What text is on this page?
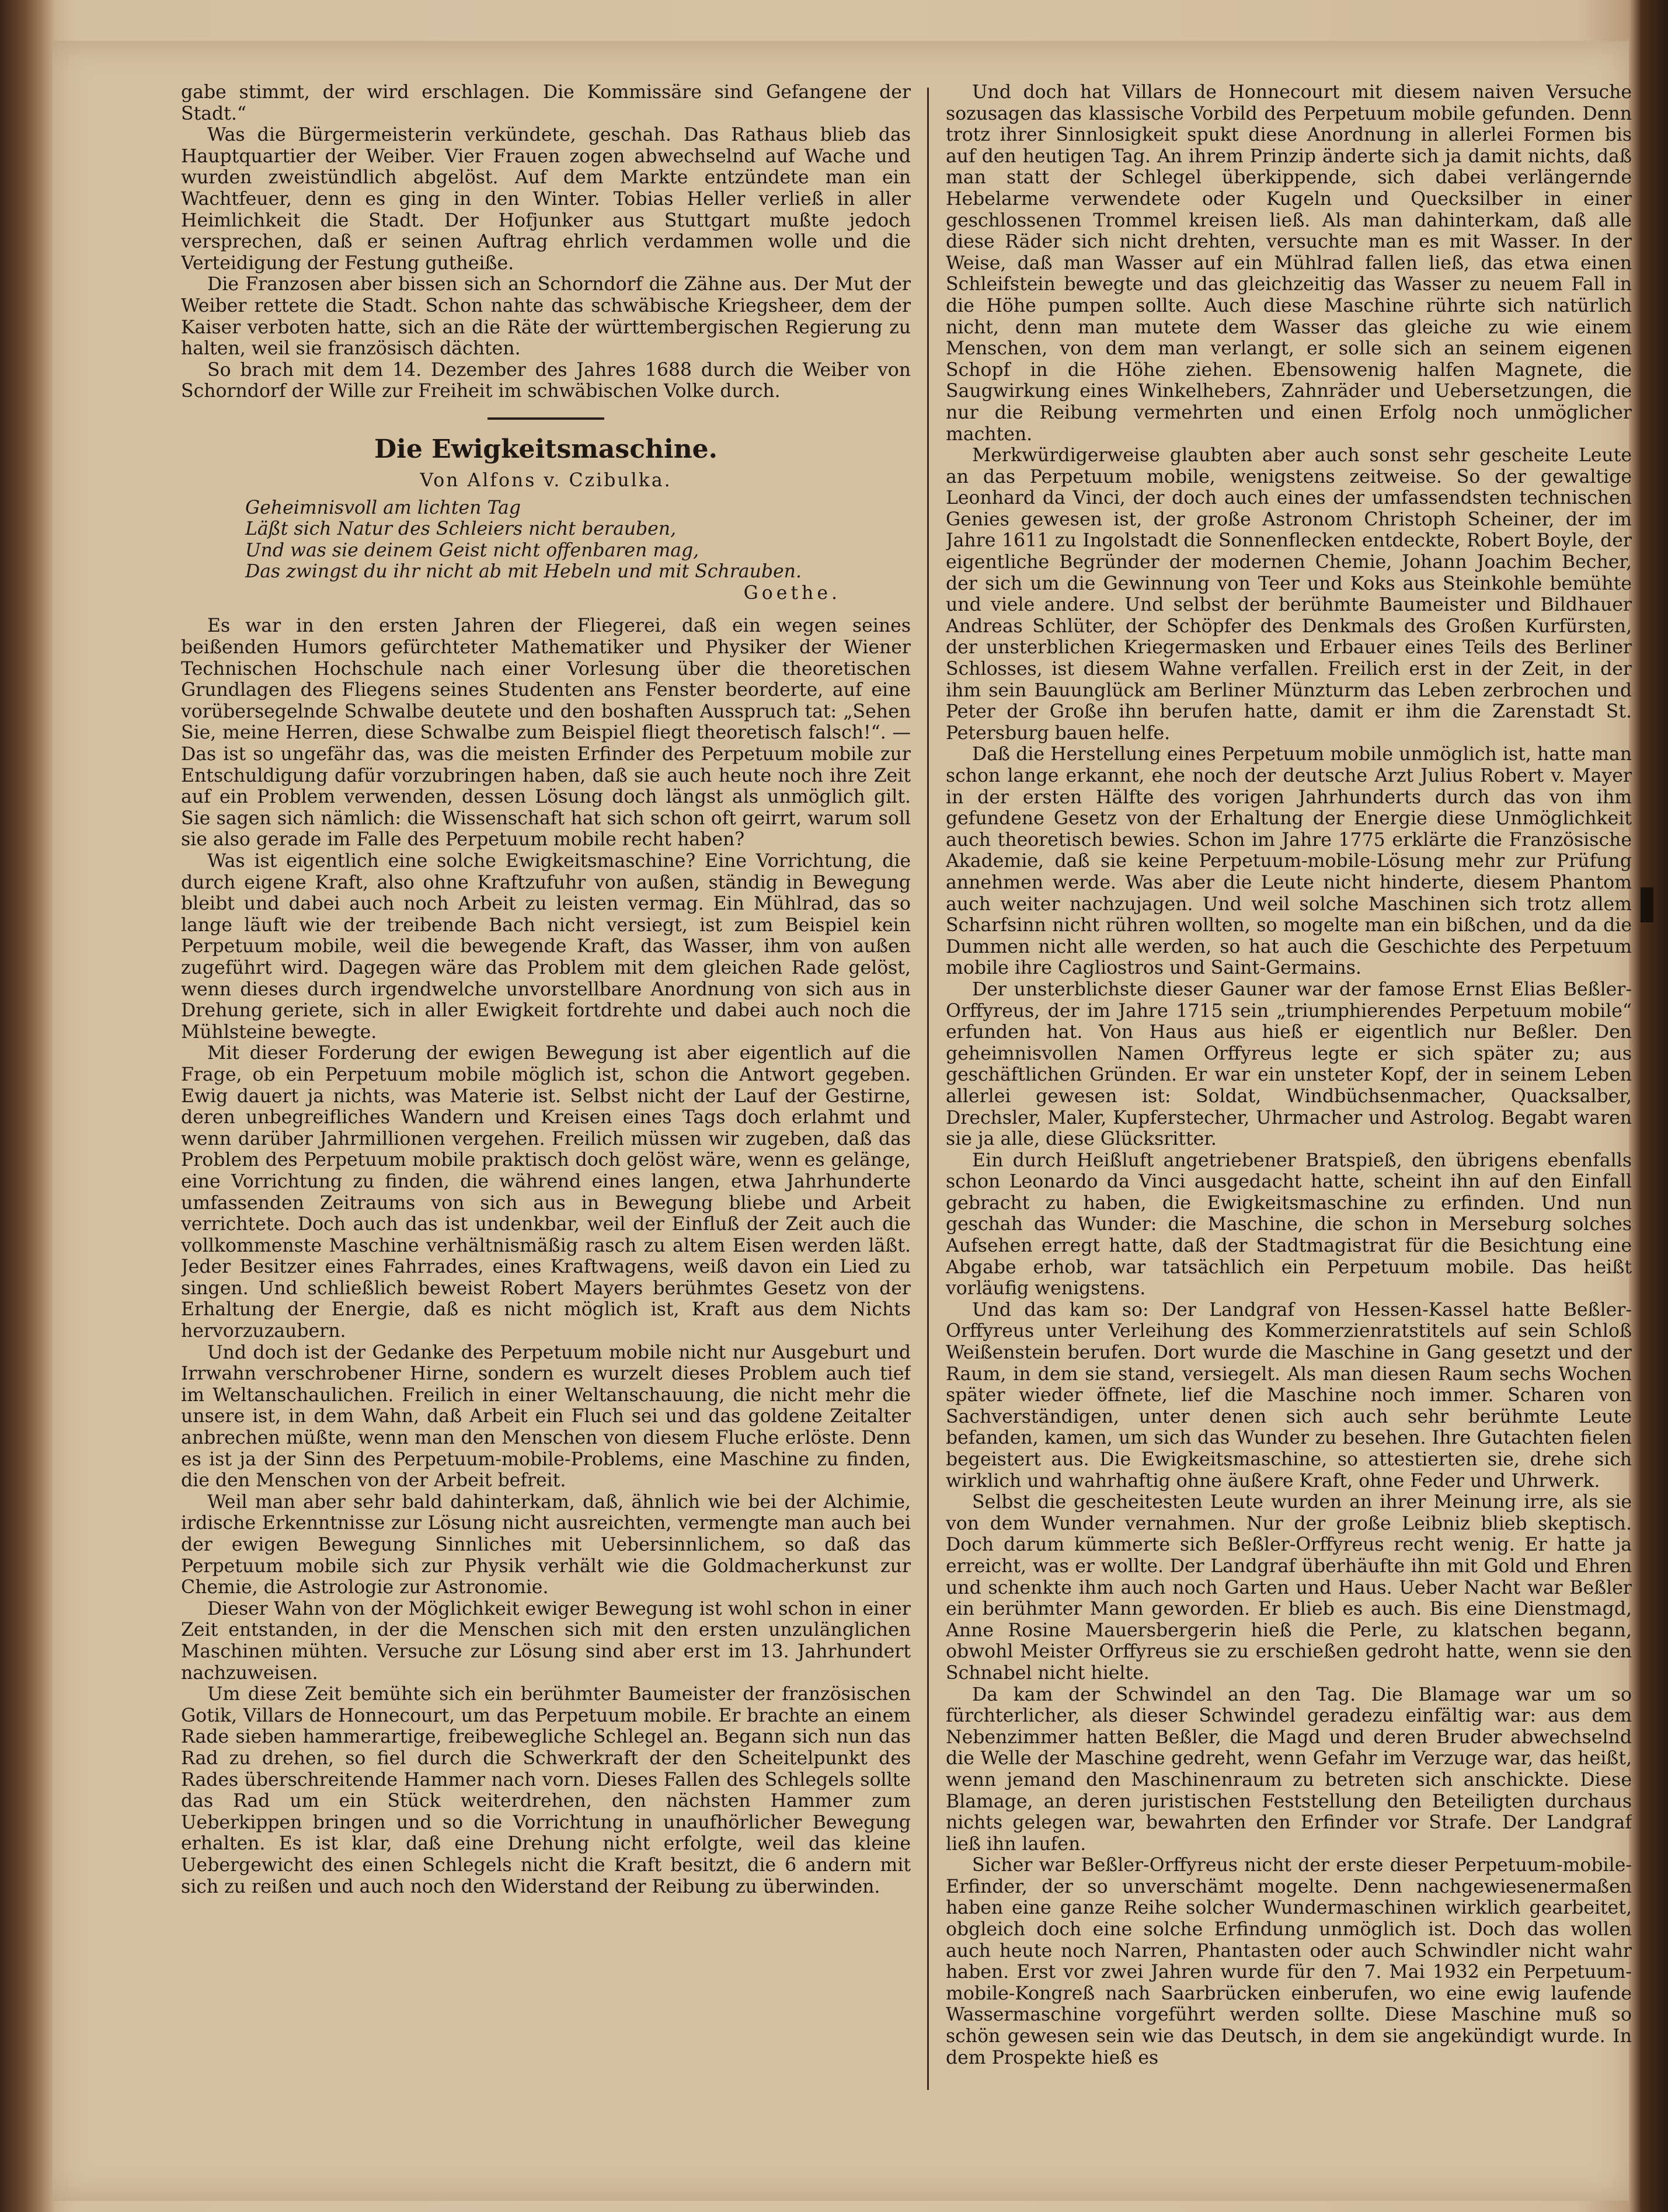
gabe stimmt, der wird erschlagen. Die Kommissäre sind Gefangene der Stadt.“

Was die Bürgermeisterin verkündete, geschah. Das Rathaus blieb das Hauptquartier der Weiber. Vier Frauen zogen abwechselnd auf Wache und wurden zweistündlich abgelöst. Auf dem Markte entzündete man ein Wachtfeuer, denn es ging in den Winter. Tobias Heller verließ in aller Heimlichkeit die Stadt. Der Hofjunker aus Stuttgart mußte jedoch versprechen, daß er seinen Auftrag ehrlich verdammen wolle und die Verteidigung der Festung gutheiße.

Die Franzosen aber bissen sich an Schorndorf die Zähne aus. Der Mut der Weiber rettete die Stadt. Schon nahte das schwäbische Kriegsheer, dem der Kaiser verboten hatte, sich an die Räte der württembergischen Regierung zu halten, weil sie französisch dächten.

So brach mit dem 14. Dezember des Jahres 1688 durch die Weiber von Schorndorf der Wille zur Freiheit im schwäbischen Volke durch.

Die Ewigkeitsmaschine.
Von Alfons v. Czibulka.
Geheimnisvoll am lichten Tag
Läßt sich Natur des Schleiers nicht berauben,
Und was sie deinem Geist nicht offenbaren mag,
Das zwingst du ihr nicht ab mit Hebeln und mit Schrauben.
Goethe.

Es war in den ersten Jahren der Fliegerei, daß ein wegen seines beißenden Humors gefürchteter Mathematiker und Physiker der Wiener Technischen Hochschule nach einer Vorlesung über die theoretischen Grundlagen des Fliegens seines Studenten ans Fenster beorderte, auf eine vorübersegelnde Schwalbe deutete und den boshaften Ausspruch tat: „Sehen Sie, meine Herren, diese Schwalbe zum Beispiel fliegt theoretisch falsch!“. — Das ist so ungefähr das, was die meisten Erfinder des Perpetuum mobile zur Entschuldigung dafür vorzubringen haben, daß sie auch heute noch ihre Zeit auf ein Problem verwenden, dessen Lösung doch längst als unmöglich gilt. Sie sagen sich nämlich: die Wissenschaft hat sich schon oft geirrt, warum soll sie also gerade im Falle des Perpetuum mobile recht haben?

Was ist eigentlich eine solche Ewigkeitsmaschine? Eine Vorrichtung, die durch eigene Kraft, also ohne Kraftzufuhr von außen, ständig in Bewegung bleibt und dabei auch noch Arbeit zu leisten vermag. Ein Mühlrad, das so lange läuft wie der treibende Bach nicht versiegt, ist zum Beispiel kein Perpetuum mobile, weil die bewegende Kraft, das Wasser, ihm von außen zugeführt wird. Dagegen wäre das Problem mit dem gleichen Rade gelöst, wenn dieses durch irgendwelche unvorstellbare Anordnung von sich aus in Drehung geriete, sich in aller Ewigkeit fortdrehte und dabei auch noch die Mühlsteine bewegte.

Mit dieser Forderung der ewigen Bewegung ist aber eigentlich auf die Frage, ob ein Perpetuum mobile möglich ist, schon die Antwort gegeben. Ewig dauert ja nichts, was Materie ist. Selbst nicht der Lauf der Gestirne, deren unbegreifliches Wandern und Kreisen eines Tags doch erlahmt und wenn darüber Jahrmillionen vergehen. Freilich müssen wir zugeben, daß das Problem des Perpetuum mobile praktisch doch gelöst wäre, wenn es gelänge, eine Vorrichtung zu finden, die während eines langen, etwa Jahrhunderte umfassenden Zeitraums von sich aus in Bewegung bliebe und Arbeit verrichtete. Doch auch das ist undenkbar, weil der Einfluß der Zeit auch die vollkommenste Maschine verhältnismäßig rasch zu altem Eisen werden läßt. Jeder Besitzer eines Fahrrades, eines Kraftwagens, weiß davon ein Lied zu singen. Und schließlich beweist Robert Mayers berühmtes Gesetz von der Erhaltung der Energie, daß es nicht möglich ist, Kraft aus dem Nichts hervorzuzaubern.

Und doch ist der Gedanke des Perpetuum mobile nicht nur Ausgeburt und Irrwahn verschrobener Hirne, sondern es wurzelt dieses Problem auch tief im Weltanschaulichen. Freilich in einer Weltanschauung, die nicht mehr die unsere ist, in dem Wahn, daß Arbeit ein Fluch sei und das goldene Zeitalter anbrechen müßte, wenn man den Menschen von diesem Fluche erlöste. Denn es ist ja der Sinn des Perpetuum-mobile-Problems, eine Maschine zu finden, die den Menschen von der Arbeit befreit.

Weil man aber sehr bald dahinterkam, daß, ähnlich wie bei der Alchimie, irdische Erkenntnisse zur Lösung nicht ausreichten, vermengte man auch bei der ewigen Bewegung Sinnliches mit Uebersinnlichem, so daß das Perpetuum mobile sich zur Physik verhält wie die Goldmacherkunst zur Chemie, die Astrologie zur Astronomie.

Dieser Wahn von der Möglichkeit ewiger Bewegung ist wohl schon in einer Zeit entstanden, in der die Menschen sich mit den ersten unzulänglichen Maschinen mühten. Versuche zur Lösung sind aber erst im 13. Jahrhundert nachzuweisen.

Um diese Zeit bemühte sich ein berühmter Baumeister der französischen Gotik, Villars de Honnecourt, um das Perpetuum mobile. Er brachte an einem Rade sieben hammerartige, freibewegliche Schlegel an. Begann sich nun das Rad zu drehen, so fiel durch die Schwerkraft der den Scheitelpunkt des Rades überschreitende Hammer nach vorn. Dieses Fallen des Schlegels sollte das Rad um ein Stück weiterdrehen, den nächsten Hammer zum Ueberkippen bringen und so die Vorrichtung in unaufhörlicher Bewegung erhalten. Es ist klar, daß eine Drehung nicht erfolgte, weil das kleine Uebergewicht des einen Schlegels nicht die Kraft besitzt, die 6 andern mit sich zu reißen und auch noch den Widerstand der Reibung zu überwinden.

Und doch hat Villars de Honnecourt mit diesem naiven Versuche sozusagen das klassische Vorbild des Perpetuum mobile gefunden. Denn trotz ihrer Sinnlosigkeit spukt diese Anordnung in allerlei Formen bis auf den heutigen Tag. An ihrem Prinzip änderte sich ja damit nichts, daß man statt der Schlegel überkippende, sich dabei verlängernde Hebelarme verwendete oder Kugeln und Quecksilber in einer geschlossenen Trommel kreisen ließ. Als man dahinterkam, daß alle diese Räder sich nicht drehten, versuchte man es mit Wasser. In der Weise, daß man Wasser auf ein Mühlrad fallen ließ, das etwa einen Schleifstein bewegte und das gleichzeitig das Wasser zu neuem Fall in die Höhe pumpen sollte. Auch diese Maschine rührte sich natürlich nicht, denn man mutete dem Wasser das gleiche zu wie einem Menschen, von dem man verlangt, er solle sich an seinem eigenen Schopf in die Höhe ziehen. Ebensowenig halfen Magnete, die Saugwirkung eines Winkelhebers, Zahnräder und Uebersetzungen, die nur die Reibung vermehrten und einen Erfolg noch unmöglicher machten.

Merkwürdigerweise glaubten aber auch sonst sehr gescheite Leute an das Perpetuum mobile, wenigstens zeitweise. So der gewaltige Leonhard da Vinci, der doch auch eines der umfassendsten technischen Genies gewesen ist, der große Astronom Christoph Scheiner, der im Jahre 1611 zu Ingolstadt die Sonnenflecken entdeckte, Robert Boyle, der eigentliche Begründer der modernen Chemie, Johann Joachim Becher, der sich um die Gewinnung von Teer und Koks aus Steinkohle bemühte und viele andere. Und selbst der berühmte Baumeister und Bildhauer Andreas Schlüter, der Schöpfer des Denkmals des Großen Kurfürsten, der unsterblichen Kriegermasken und Erbauer eines Teils des Berliner Schlosses, ist diesem Wahne verfallen. Freilich erst in der Zeit, in der ihm sein Bauunglück am Berliner Münzturm das Leben zerbrochen und Peter der Große ihn berufen hatte, damit er ihm die Zarenstadt St. Petersburg bauen helfe.

Daß die Herstellung eines Perpetuum mobile unmöglich ist, hatte man schon lange erkannt, ehe noch der deutsche Arzt Julius Robert v. Mayer in der ersten Hälfte des vorigen Jahrhunderts durch das von ihm gefundene Gesetz von der Erhaltung der Energie diese Unmöglichkeit auch theoretisch bewies. Schon im Jahre 1775 erklärte die Französische Akademie, daß sie keine Perpetuum-mobile-Lösung mehr zur Prüfung annehmen werde. Was aber die Leute nicht hinderte, diesem Phantom auch weiter nachzujagen. Und weil solche Maschinen sich trotz allem Scharfsinn nicht rühren wollten, so mogelte man ein bißchen, und da die Dummen nicht alle werden, so hat auch die Geschichte des Perpetuum mobile ihre Cagliostros und Saint-Germains.

Der unsterblichste dieser Gauner war der famose Ernst Elias Beßler-Orffyreus, der im Jahre 1715 sein „triumphierendes Perpetuum mobile“ erfunden hat. Von Haus aus hieß er eigentlich nur Beßler. Den geheimnisvollen Namen Orffyreus legte er sich später zu; aus geschäftlichen Gründen. Er war ein unsteter Kopf, der in seinem Leben allerlei gewesen ist: Soldat, Windbüchsenmacher, Quacksalber, Drechsler, Maler, Kupferstecher, Uhrmacher und Astrolog. Begabt waren sie ja alle, diese Glücksritter.

Ein durch Heißluft angetriebener Bratspieß, den übrigens ebenfalls schon Leonardo da Vinci ausgedacht hatte, scheint ihn auf den Einfall gebracht zu haben, die Ewigkeitsmaschine zu erfinden. Und nun geschah das Wunder: die Maschine, die schon in Merseburg solches Aufsehen erregt hatte, daß der Stadtmagistrat für die Besichtung eine Abgabe erhob, war tatsächlich ein Perpetuum mobile. Das heißt vorläufig wenigstens.

Und das kam so: Der Landgraf von Hessen-Kassel hatte Beßler-Orffyreus unter Verleihung des Kommerzienratstitels auf sein Schloß Weißenstein berufen. Dort wurde die Maschine in Gang gesetzt und der Raum, in dem sie stand, versiegelt. Als man diesen Raum sechs Wochen später wieder öffnete, lief die Maschine noch immer. Scharen von Sachverständigen, unter denen sich auch sehr berühmte Leute befanden, kamen, um sich das Wunder zu besehen. Ihre Gutachten fielen begeistert aus. Die Ewigkeitsmaschine, so attestierten sie, drehe sich wirklich und wahrhaftig ohne äußere Kraft, ohne Feder und Uhrwerk.

Selbst die gescheitesten Leute wurden an ihrer Meinung irre, als sie von dem Wunder vernahmen. Nur der große Leibniz blieb skeptisch. Doch darum kümmerte sich Beßler-Orffyreus recht wenig. Er hatte ja erreicht, was er wollte. Der Landgraf überhäufte ihn mit Gold und Ehren und schenkte ihm auch noch Garten und Haus. Ueber Nacht war Beßler ein berühmter Mann geworden. Er blieb es auch. Bis eine Dienstmagd, Anne Rosine Mauersbergerin hieß die Perle, zu klatschen begann, obwohl Meister Orffyreus sie zu erschießen gedroht hatte, wenn sie den Schnabel nicht hielte.

Da kam der Schwindel an den Tag. Die Blamage war um so fürchterlicher, als dieser Schwindel geradezu einfältig war: aus dem Nebenzimmer hatten Beßler, die Magd und deren Bruder abwechselnd die Welle der Maschine gedreht, wenn Gefahr im Verzuge war, das heißt, wenn jemand den Maschinenraum zu betreten sich anschickte. Diese Blamage, an deren juristischen Feststellung den Beteiligten durchaus nichts gelegen war, bewahrten den Erfinder vor Strafe. Der Landgraf ließ ihn laufen.

Sicher war Beßler-Orffyreus nicht der erste dieser Perpetuum-mobile-Erfinder, der so unverschämt mogelte. Denn nachgewiesenermaßen haben eine ganze Reihe solcher Wundermaschinen wirklich gearbeitet, obgleich doch eine solche Erfindung unmöglich ist. Doch das wollen auch heute noch Narren, Phantasten oder auch Schwindler nicht wahr haben. Erst vor zwei Jahren wurde für den 7. Mai 1932 ein Perpetuum-mobile-Kongreß nach Saarbrücken einberufen, wo eine ewig laufende Wassermaschine vorgeführt werden sollte. Diese Maschine muß so schön gewesen sein wie das Deutsch, in dem sie angekündigt wurde. In dem Prospekte hieß es
